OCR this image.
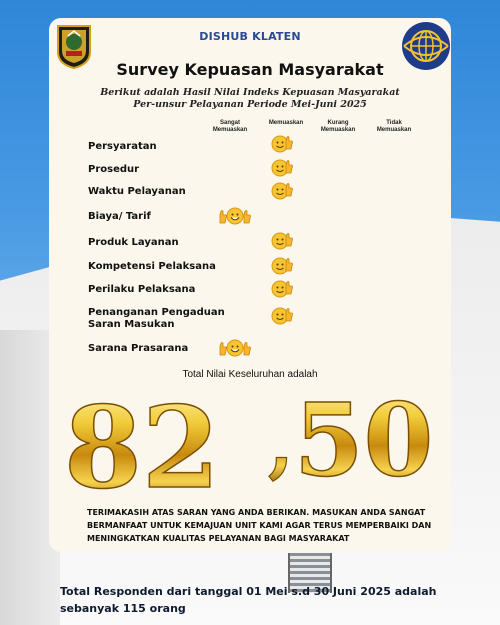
DISHUB KLATEN
Survey Kepuasan Masyarakat
Berikut adalah Hasil Nilai Indeks Kepuasan Masyarakat
Per-unsur Pelayanan Periode Mei-Juni 2025
Sangat
Memuaskan
Memuaskan	Kurang
Memuaskan
Tidak
Memuaskan
Persyaratan
Prosedur
Waktu Pelayanan
Biaya/ Tarif
Produk Layanan
Kompetensi Pelaksana
Perilaku Pelaksana
Penanganan Pengaduan
Saran Masukan
Sarana Prasarana
Total Nilai Keseluruhan adalah
82 , 50
TERIMAKASIH ATAS SARAN YANG ANDA BERIKAN. MASUKAN ANDA SANGAT
BERMANFAAT UNTUK KEMAJUAN UNIT KAMI AGAR TERUS MEMPERBAIKI DAN
MENINGKATKAN KUALITAS PELAYANAN BAGI MASYARAKAT
Total Responden dari tanggal 01 Mei s.d 30 Juni 2025 adalah
sebanyak 115 orang
